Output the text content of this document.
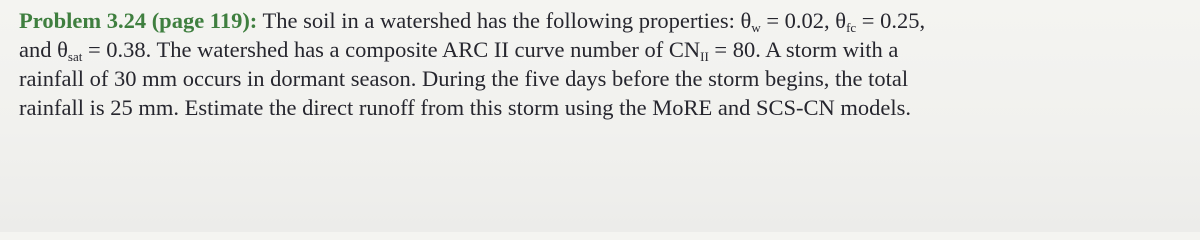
Problem 3.24 (page 119): The soil in a watershed has the following properties: $\theta_w = 0.02$, $\theta_{fc} = 0.25$,
and $\theta_{sat} = 0.38$. The watershed has a composite ARC II curve number of $CN_{II} = 80$. A storm with a
rainfall of 30 mm occurs in dormant season. During the five days before the storm begins, the total
rainfall is 25 mm. Estimate the direct runoff from this storm using the MoRE and SCS-CN models.
